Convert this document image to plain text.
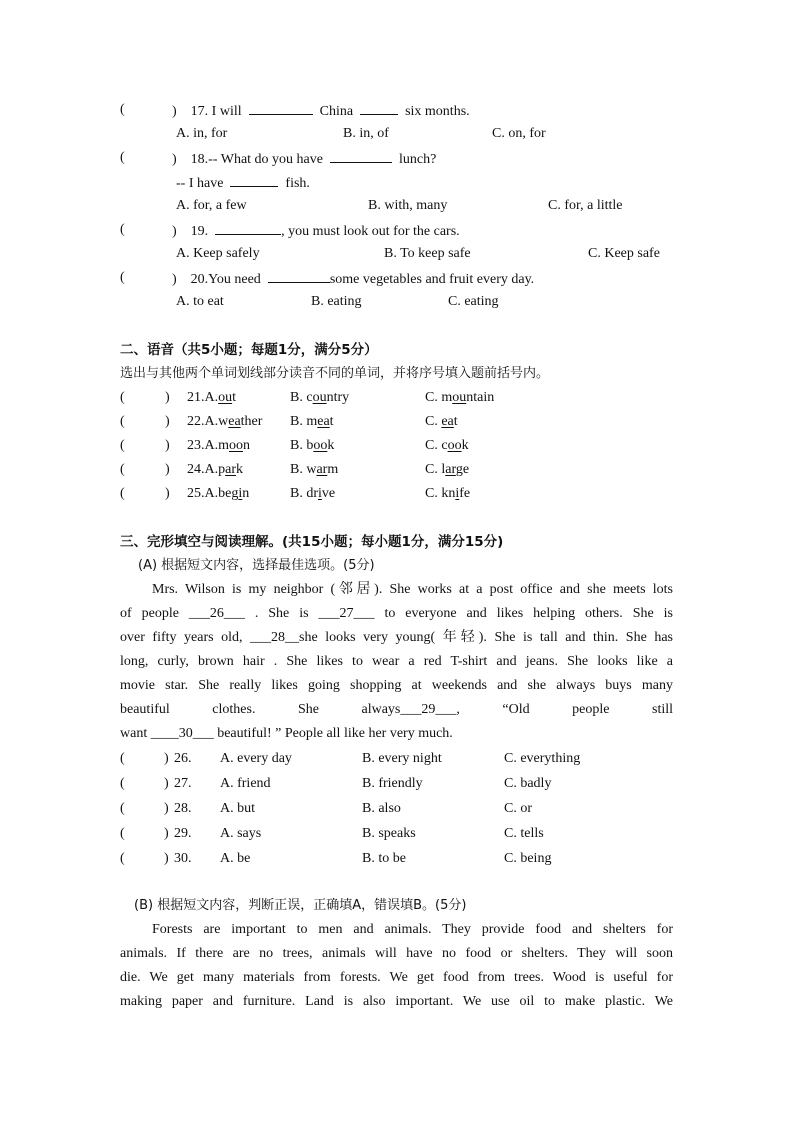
(	) 17. I will	China	six months.
A. in, for	B. in, of	C. on, for
(	) 18.-- What do you have	lunch?
-- I have	fish.
A. for, a few	B. with, many	C. for, a little
(	) 19.	, you must look out for the cars.
A. Keep safely	B. To keep safe	C. Keep safe
(	) 20.You need	some vegetables and fruit every day.
A. to eat	B. eating	C. eating
二、语音（共5小题；每题1分，满分5分）
选出与其他两个单词划线部分读音不同的单词，并将序号填入题前括号内。
(	) 21.A.out	B. country	C. mountain
(	) 22.A.weather B. meat	C. eat
(	) 23.A.moon	B. book	C. cook
(	) 24.A.park	B. warm	C. large
(	) 25.A.begin	B. drive	C. knife
三、完形填空与阅读理解。(共15小题；每小题1分，满分15分)
(A) 根据短文内容，选择最佳选项。(5分)
Mrs. Wilson is my neighbor (邻居). She works at a post office and she meets lots
of people ___26___ . She is ___27___ to everyone and likes helping others. She is
over fifty years old, ___28__she looks very young( 年轻). She is tall and thin. She has
long, curly, brown hair . She likes to wear a red T-shirt and jeans. She looks like a
movie star. She really likes going shopping at weekends and she always buys many
beautiful clothes. She always___29___, “Old people still
want ____30___ beautiful! ” People all like her very much.
(	) 26. A. every day	B. every night	C. everything
(	) 27. A. friend	B. friendly	C. badly
(	) 28. A. but	B. also	C. or
(	) 29. A. says	B. speaks	C. tells
(	) 30. A. be	B. to be	C. being
(B) 根据短文内容，判断正误，正确填A，错误填B。(5分)
Forests are important to men and animals. They provide food and shelters for
animals. If there are no trees, animals will have no food or shelters. They will soon
die. We get many materials from forests. We get food from trees. Wood is useful for
making paper and furniture. Land is also important. We use oil to make plastic. We
